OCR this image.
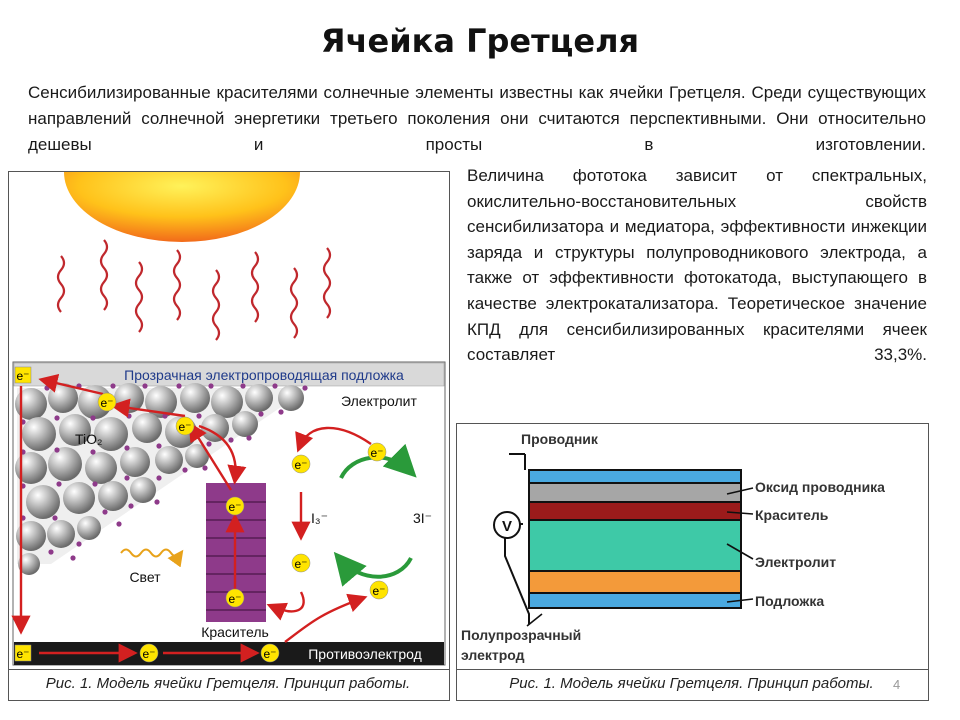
Ячейка Гретцеля
Сенсибилизированные красителями солнечные элементы известны как ячейки Гретцеля. Среди существующих направлений солнечной энергетики третьего поколения они считаются перспективными. Они относительно дешевы и просты в изготовлении.
Величина фототока зависит от спектральных, окислительно-восстановительных свойств сенсибилизатора и медиатора, эффективности инжекции заряда и структуры полупроводникового электрода, а также от эффективности фотокатода, выступающего в качестве электрокатализатора. Теоретическое значение КПД для сенсибилизированных красителями ячеек составляет 33,3%.
Прозрачная электропроводящая подложка
TiO₂
Противоэлектрод
Электролит
Краситель
Свет
I₃⁻	3I⁻
e⁻
e⁻
e⁻
e⁻
e⁻
e⁻
e⁻	e⁻
e⁻
e⁻
e⁻
e⁻
Рис. 1. Модель ячейки Гретцеля. Принцип работы.
V
Проводник
Оксид проводника
Краситель
Электролит
Подложка
Полупрозрачный
электрод
Рис. 1. Модель ячейки Гретцеля. Принцип работы.	4
